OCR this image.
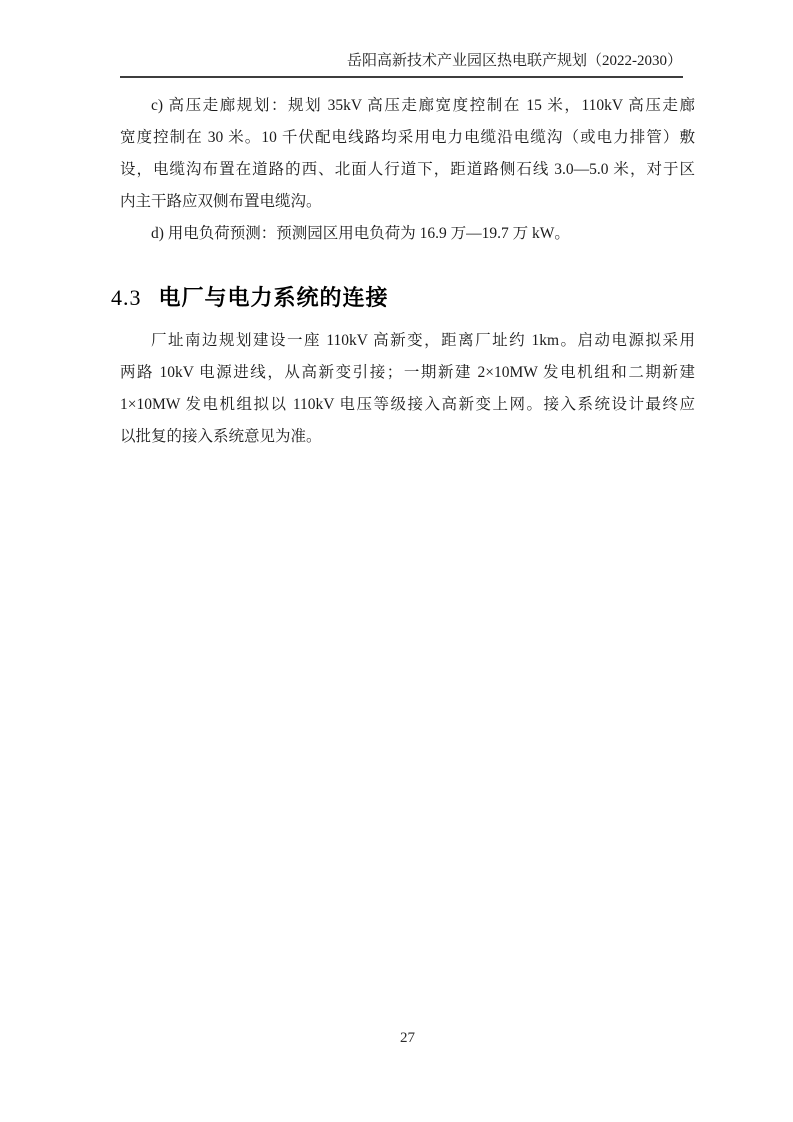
岳阳高新技术产业园区热电联产规划（2022-2030）
c) 高压走廊规划：规划 35kV 高压走廊宽度控制在 15 米，110kV 高压走廊
宽度控制在 30 米。10 千伏配电线路均采用电力电缆沿电缆沟（或电力排管）敷
设，电缆沟布置在道路的西、北面人行道下，距道路侧石线 3.0—5.0 米，对于区
内主干路应双侧布置电缆沟。
d) 用电负荷预测：预测园区用电负荷为 16.9 万—19.7 万 kW。
4.3 电厂与电力系统的连接
厂址南边规划建设一座 110kV 高新变，距离厂址约 1km。启动电源拟采用
两路 10kV 电源进线，从高新变引接；一期新建 2×10MW 发电机组和二期新建
1×10MW 发电机组拟以 110kV 电压等级接入高新变上网。接入系统设计最终应
以批复的接入系统意见为准。
27
